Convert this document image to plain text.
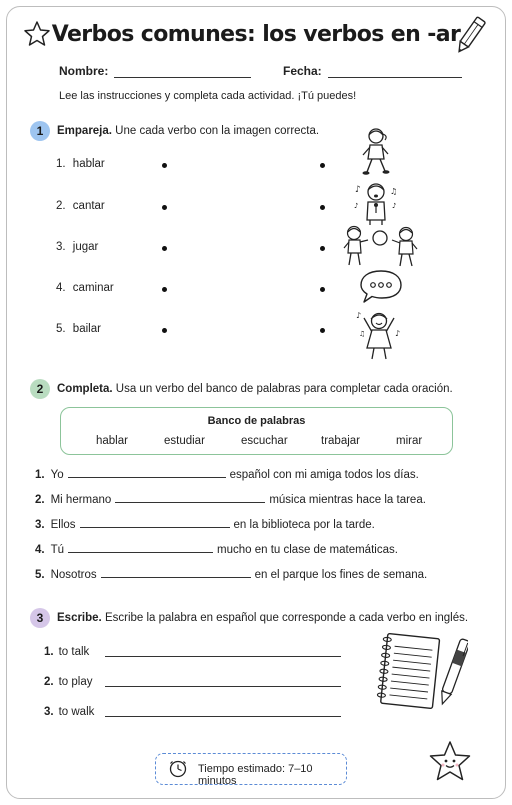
Verbos comunes: los verbos en -ar
Nombre:	Fecha:

Lee las instrucciones y completa cada actividad. ¡Tú puedes!

1	Empareja. Une cada verbo con la imagen correcta.
1. hablar
2. cantar
3. jugar
4. caminar
5. bailar
♪	♫
♪
♪
♪
♪
♫
2	Completa. Usa un verbo del banco de palabras para completar cada oración.
Banco de palabras
hablar	estudiar	escuchar	trabajar	mirar
1. Yo	español con mi amiga todos los días.
2. Mi hermano	música mientras hace la tarea.
3. Ellos	en la biblioteca por la tarde.
4. Tú	mucho en tu clase de matemáticas.
5. Nosotros	en el parque los fines de semana.
3	Escribe. Escribe la palabra en español que corresponde a cada verbo en inglés.
1. to talk
2. to play
3. to walk
Tiempo estimado: 7–10 minutos
